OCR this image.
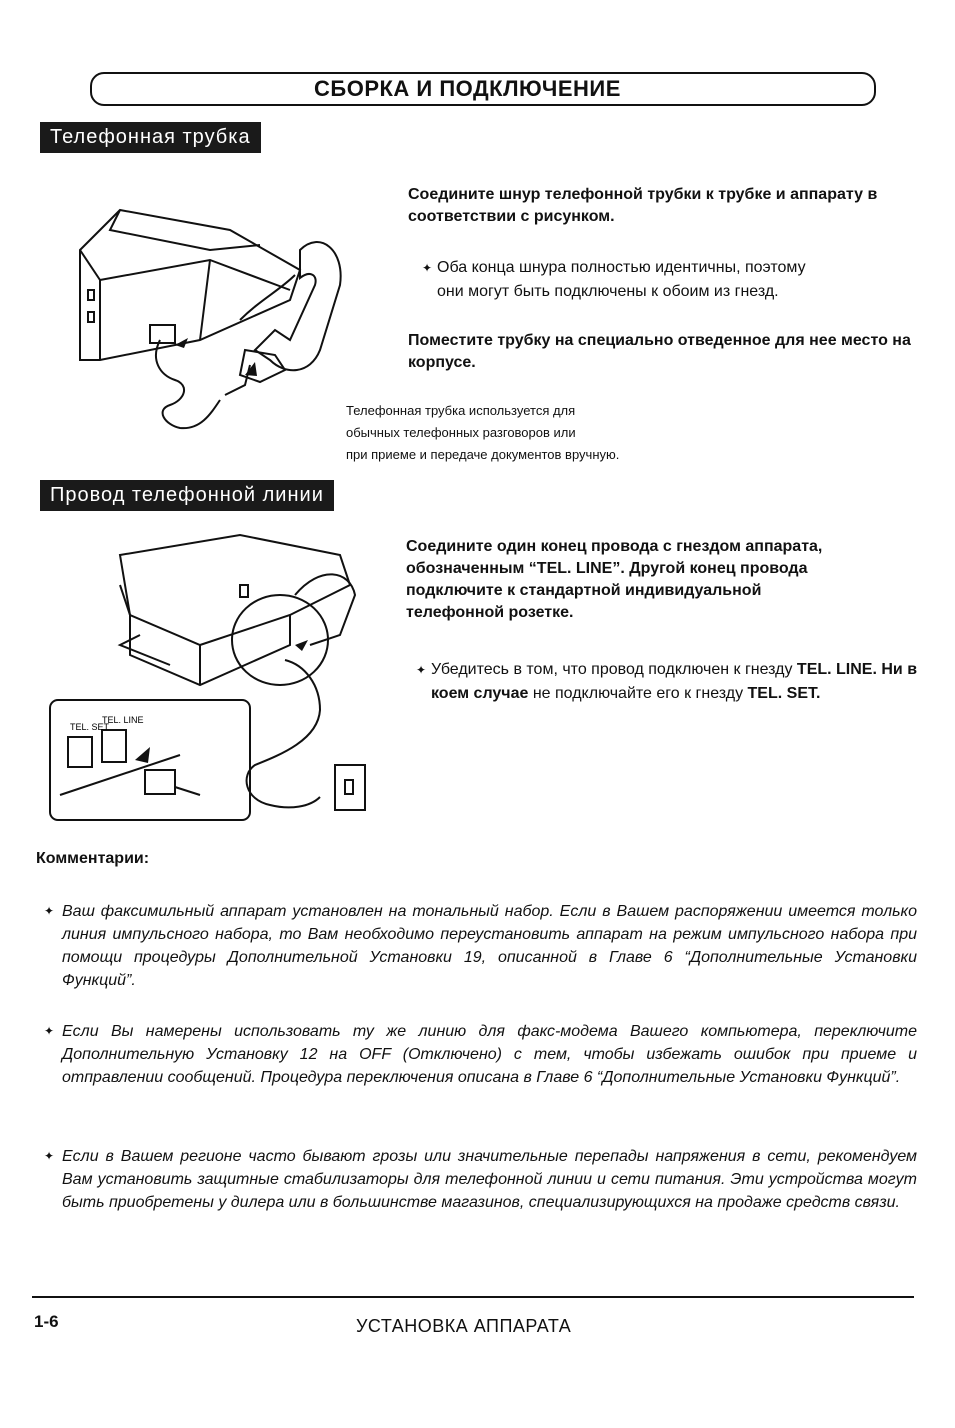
СБОРКА И ПОДКЛЮЧЕНИЕ
Телефонная трубка
Соедините шнур телефонной трубки к трубке и аппарату в соответствии с рисунком.
✦ Оба конца шнура полностью идентичны, поэтому
они могут быть подключены к обоим из гнезд.
Поместите трубку на специально отведенное для нее место на корпусе.
Телефонная трубка используется для
обычных телефонных разговоров или
при приеме и передаче документов вручную.
Провод телефонной линии
TEL. SET
TEL. LINE
Соедините один конец провода с гнездом аппарата,
обозначенным “TEL. LINE”. Другой конец провода
подключите к стандартной индивидуальной
телефонной розетке.
✦ Убедитесь в том, что провод подключен к гнезду TEL. LINE. Ни в коем случае не подключайте его к гнезду TEL. SET.
Комментарии:
✦ Ваш факсимильный аппарат установлен на тональный набор. Если в Вашем распоряжении имеется только линия импульсного набора, то Вам необходимо переустановить аппарат на режим импульсного набора при помощи процедуры Дополнительной Установки 19, описанной в Главе 6 “Дополнительные Установки Функций”.
✦ Если Вы намерены использовать ту же линию для факс-модема Вашего компьютера, переключите Дополнительную Установку 12 на OFF (Отключено) с тем, чтобы избежать ошибок при приеме и отправлении сообщений. Процедура переключения описана в Главе 6 “Дополнительные Установки Функций”.
✦ Если в Вашем регионе часто бывают грозы или значительные перепады напряжения в сети, рекомендуем Вам установить защитные стабилизаторы для телефонной линии и сети питания. Эти устройства могут быть приобретены у дилера или в большинстве магазинов, специализирующихся на продаже средств связи.
1-6	УСТАНОВКА АППАРАТА
